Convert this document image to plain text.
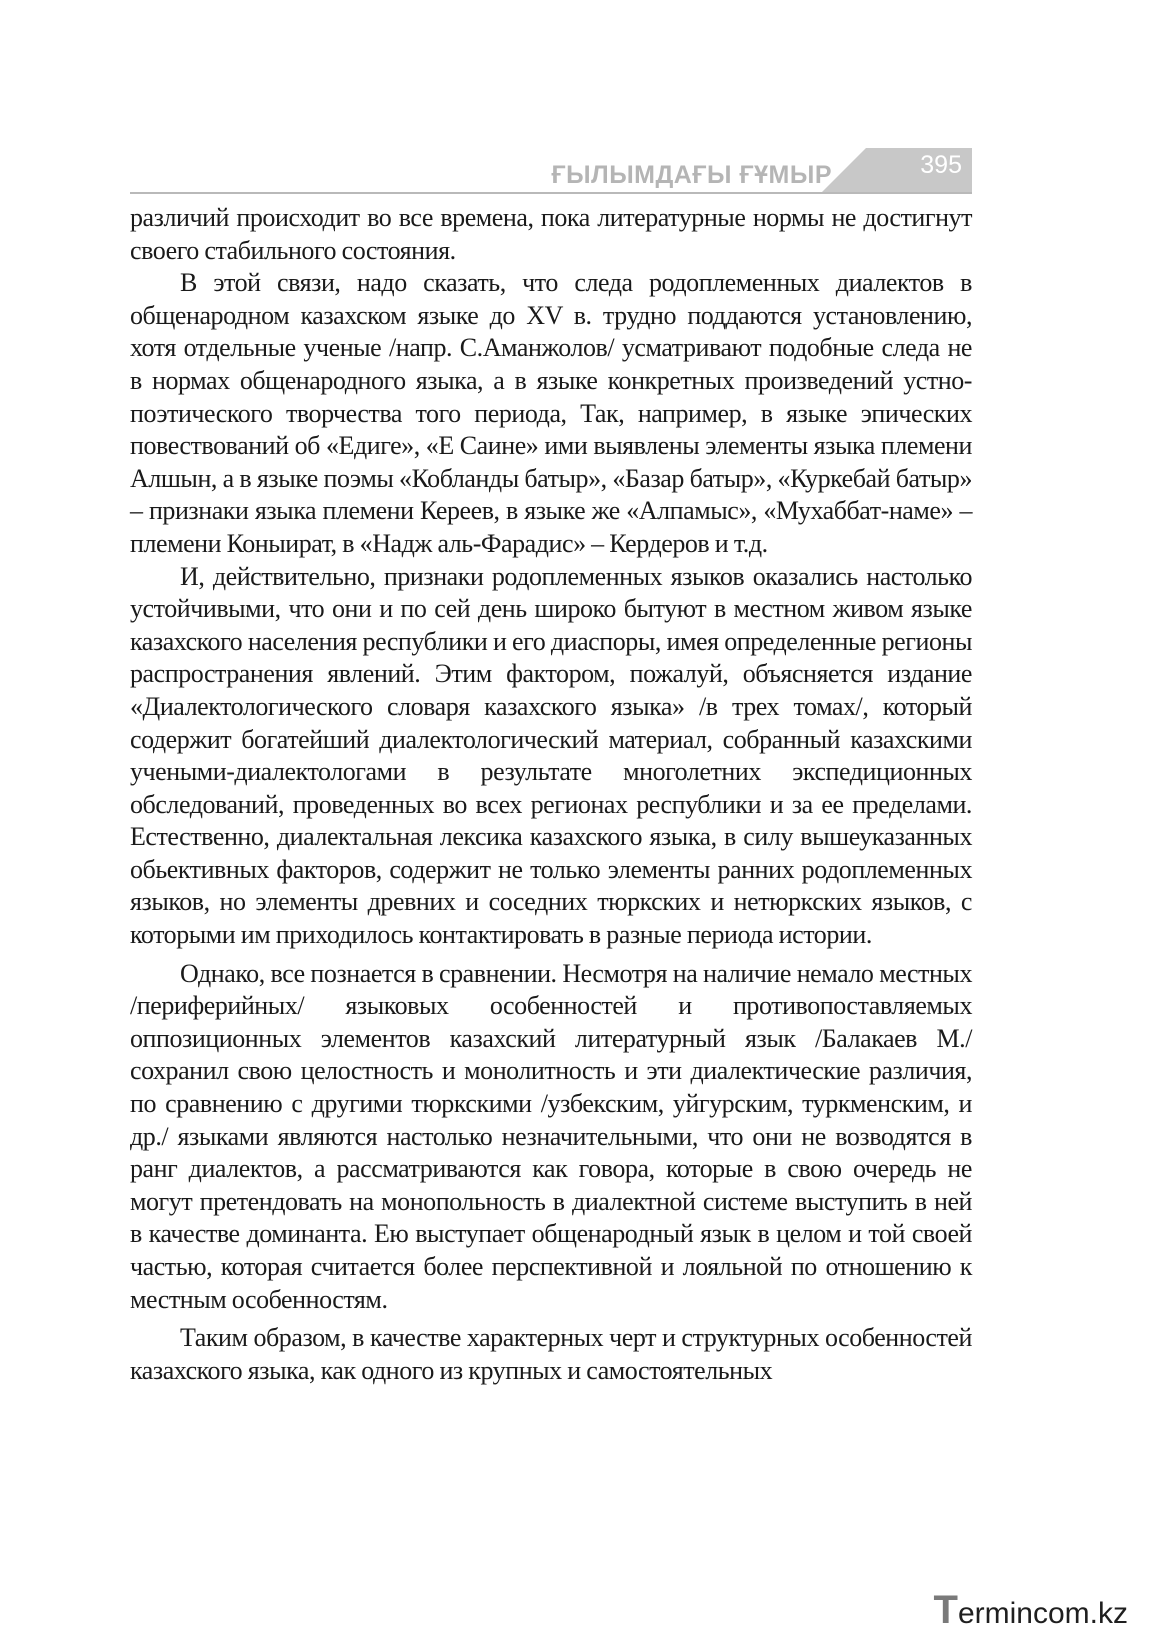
ҒЫЛЫМДАҒЫ ҒҰМЫР	395

различий происходит во все времена, пока литературные нормы не достигнут своего стабильного состояния.

В этой связи, надо сказать, что следа родоплеменных диалектов в общенародном казахском языке до XV в. трудно поддаются установлению, хотя отдельные ученые /напр. С.Аманжолов/ усматривают подобные следа не в нормах общенародного языка, а в языке конкретных произведений устно-поэтического творчества того периода, Так, например, в языке эпических повествований об «Едиге», «Е Саине» ими выявлены элементы языка племени Алшын, а в языке поэмы «Кобланды батыр», «Базар батыр», «Куркебай батыр» – признаки языка племени Кереев, в языке же «Алпамыс», «Мухаббат-наме» – племени Коныират, в «Надж аль-Фарадис» – Кердеров и т.д.

И, действительно, признаки родоплеменных языков оказались настолько устойчивыми, что они и по сей день широко бытуют в местном живом языке казахского населения республики и его диаспоры, имея определенные регионы распространения явлений. Этим фактором, пожалуй, объясняется издание «Диалектологического словаря казахского языка» /в трех томах/, который содержит богатейший диалектологический материал, собранный казахскими учеными-диалектологами в результате многолетних экспедиционных обследований, проведенных во всех регионах республики и за ее пределами. Естественно, диалектальная лексика казахского языка, в силу вышеуказанных обьективных факторов, содержит не только элементы ранних родоплеменных языков, но элементы древних и соседних тюркских и нетюркских языков, с которыми им приходилось контактировать в разные периода истории.

Однако, все познается в сравнении. Несмотря на наличие немало местных /периферийных/ языковых особенностей и противопоставляемых оппозиционных элементов казахский литературный язык /Балакаев М./ сохранил свою целостность и монолитность и эти диалектические различия, по сравнению с другими тюркскими /узбекским, уйгурским, туркменским, и др./ языками являются настолько незначительными, что они не возводятся в ранг диалектов, а рассматриваются как говора, которые в свою очередь не могут претендовать на монопольность в диалектной системе выступить в ней в качестве доминанта. Ею выступает общенародный язык в целом и той своей частью, которая считается более перспективной и лояльной по отношению к местным особенностям.

Таким образом, в качестве характерных черт и структурных особенностей казахского языка, как одного из крупных и самостоятельных

Termincom.kz
